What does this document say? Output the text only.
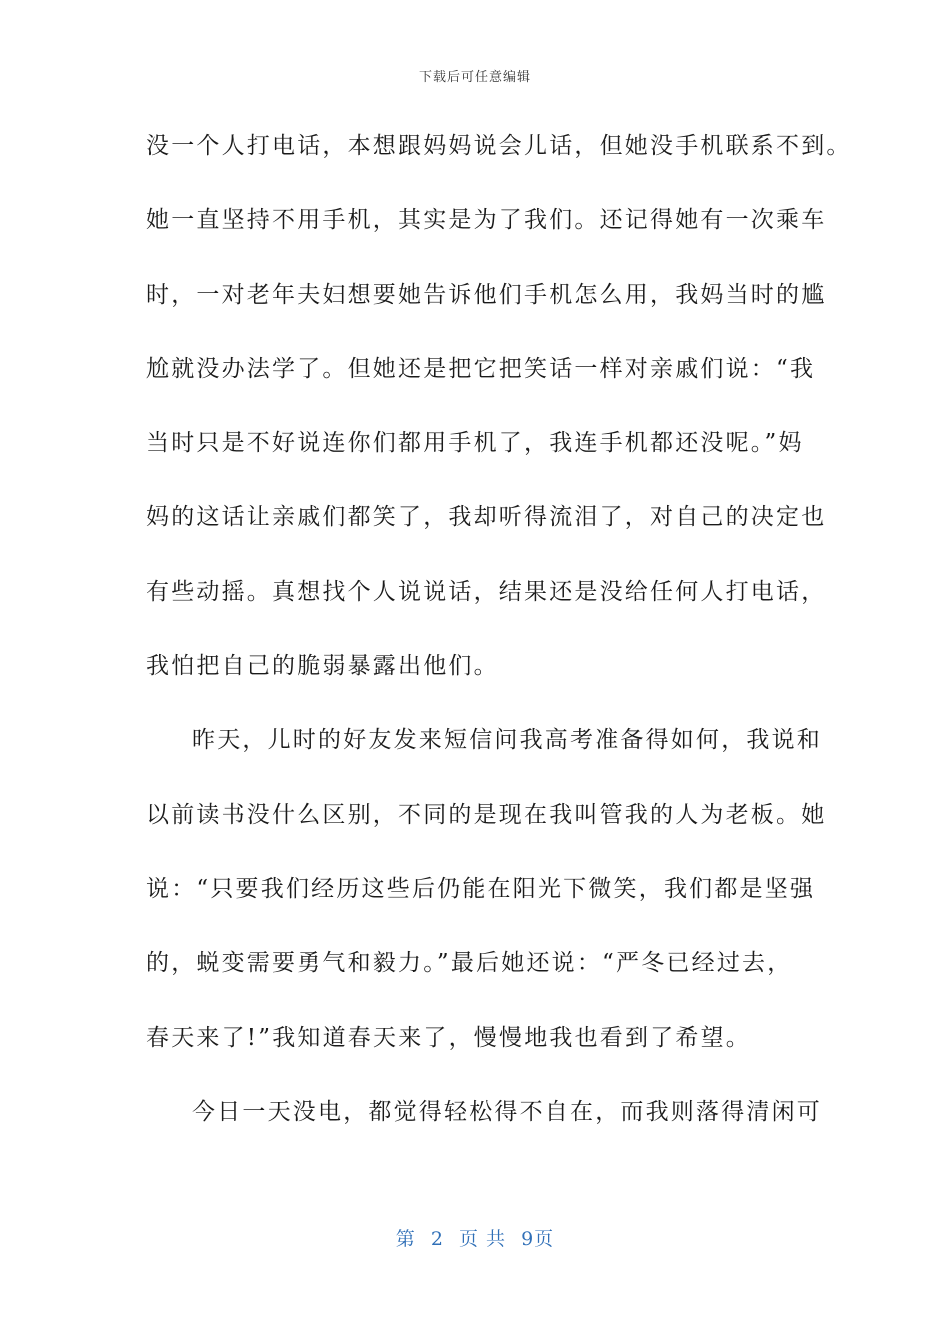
下载后可任意编辑
没一个人打电话，本想跟妈妈说会儿话，但她没手机联系不到。
她一直坚持不用手机，其实是为了我们。还记得她有一次乘车
时，一对老年夫妇想要她告诉他们手机怎么用，我妈当时的尴
尬就没办法学了。但她还是把它把笑话一样对亲戚们说：“我
当时只是不好说连你们都用手机了，我连手机都还没呢。”妈
妈的这话让亲戚们都笑了，我却听得流泪了，对自己的决定也
有些动摇。真想找个人说说话，结果还是没给任何人打电话，
我怕把自己的脆弱暴露出他们。
昨天，儿时的好友发来短信问我高考准备得如何，我说和
以前读书没什么区别，不同的是现在我叫管我的人为老板。她
说：“只要我们经历这些后仍能在阳光下微笑，我们都是坚强
的，蜕变需要勇气和毅力。”最后她还说：“严冬已经过去，
春天来了!”我知道春天来了，慢慢地我也看到了希望。
今日一天没电，都觉得轻松得不自在，而我则落得清闲可
第 2 页 共 9页
